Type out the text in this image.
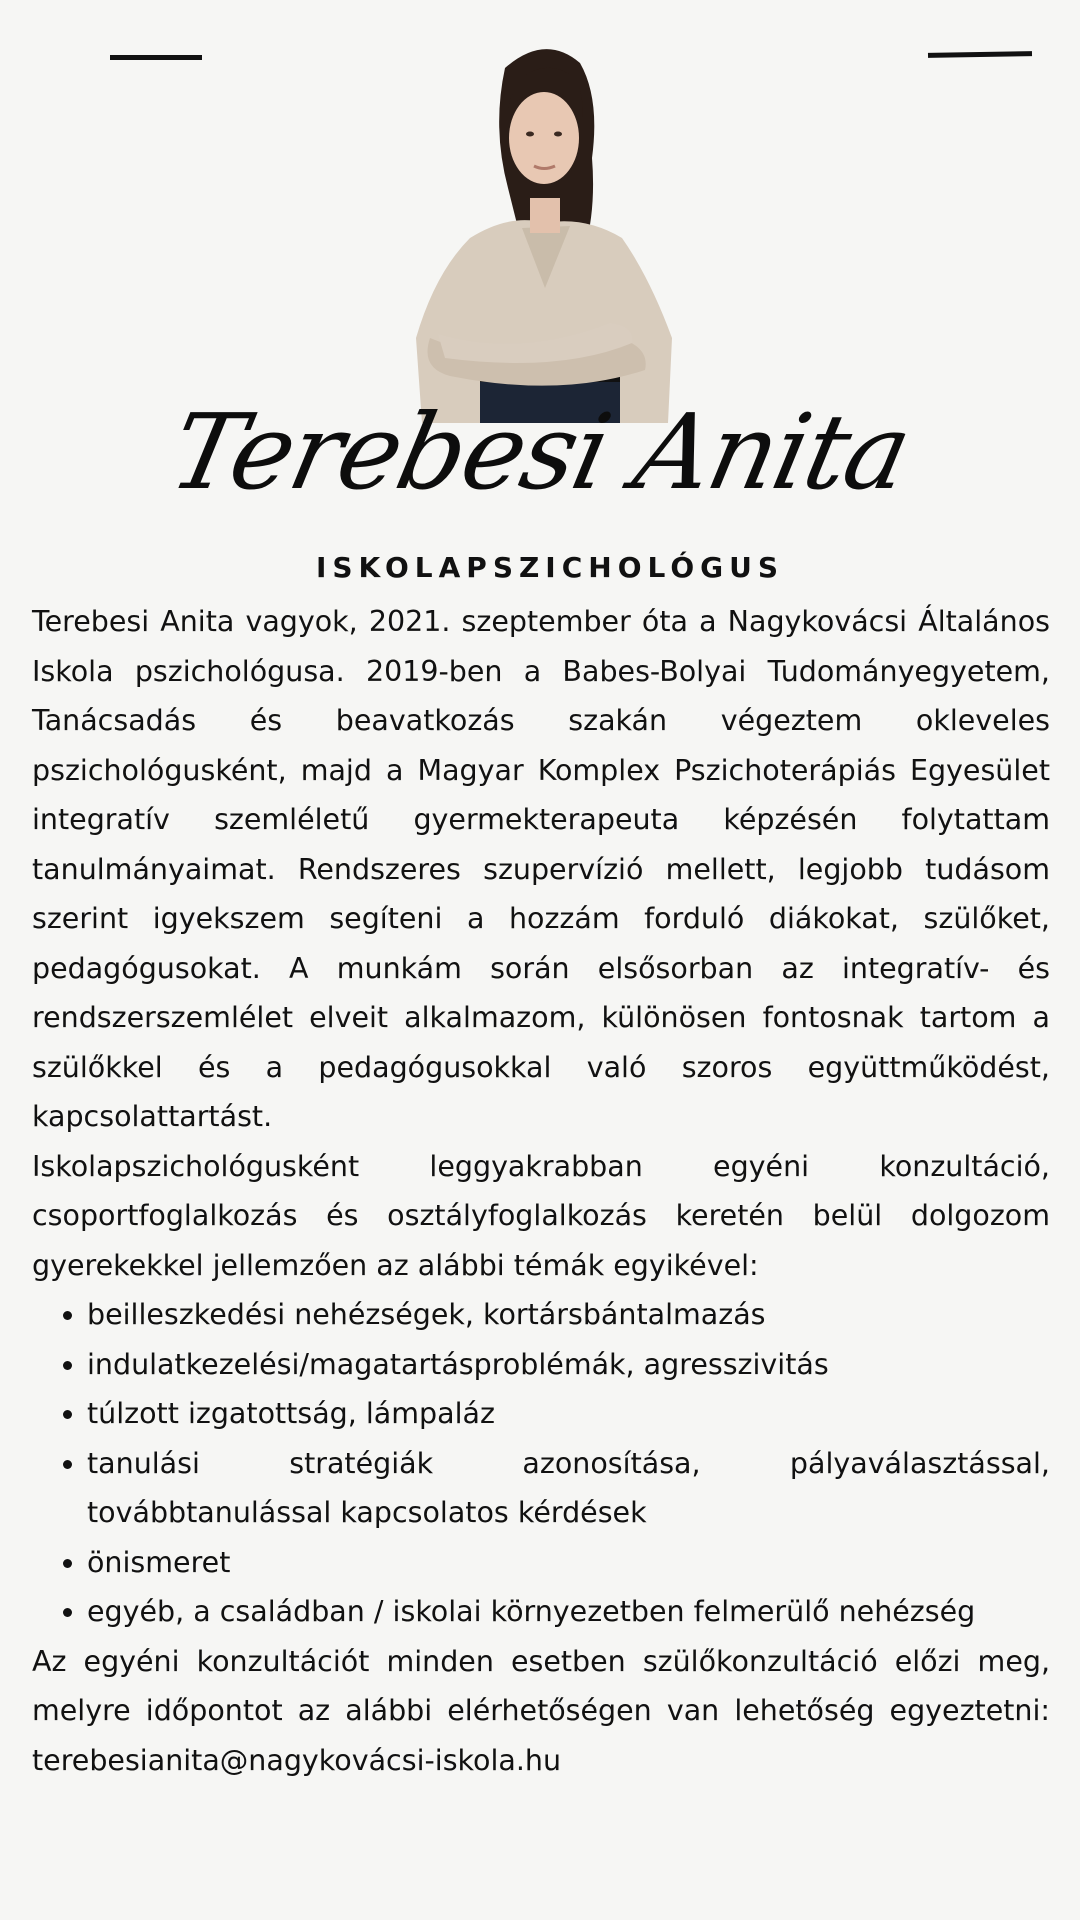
Terebesi Anita
ISKOLAPSZICHOLÓGUS

Terebesi Anita vagyok, 2021. szeptember óta a Nagykovácsi Általános Iskola pszichológusa. 2019-ben a Babes-Bolyai Tudományegyetem, Tanácsadás és beavatkozás szakán végeztem okleveles pszichológusként, majd a Magyar Komplex Pszichoterápiás Egyesület integratív szemléletű gyermekterapeuta képzésén folytattam tanulmányaimat. Rendszeres szupervízió mellett, legjobb tudásom szerint igyekszem segíteni a hozzám forduló diákokat, szülőket, pedagógusokat. A munkám során elsősorban az integratív- és rendszerszemlélet elveit alkalmazom, különösen fontosnak tartom a szülőkkel és a pedagógusokkal való szoros együttműködést, kapcsolattartást.

Iskolapszichológusként leggyakrabban egyéni konzultáció, csoportfoglalkozás és osztályfoglalkozás keretén belül dolgozom gyerekekkel jellemzően az alábbi témák egyikével:

• beilleszkedési nehézségek, kortársbántalmazás
• indulatkezelési/magatartásproblémák, agresszivitás
• túlzott izgatottság, lámpaláz
• tanulási stratégiák azonosítása, pályaválasztással, továbbtanulással kapcsolatos kérdések
• önismeret
• egyéb, a családban / iskolai környezetben felmerülő nehézség

Az egyéni konzultációt minden esetben szülőkonzultáció előzi meg, melyre időpontot az alábbi elérhetőségen van lehetőség egyeztetni: terebesianita@nagykovácsi-iskola.hu
